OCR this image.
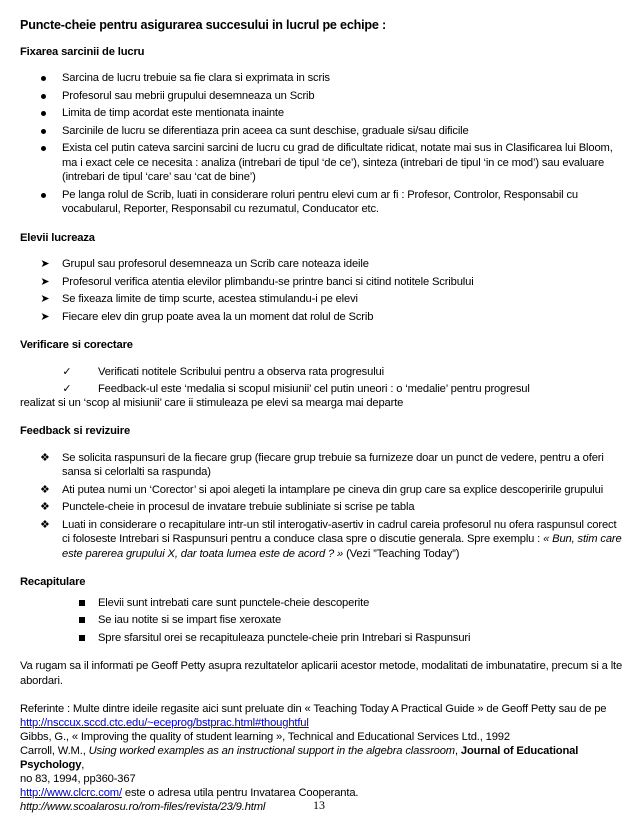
Puncte-cheie pentru asigurarea succesului in lucrul pe echipe :
Fixarea sarcinii de lucru
Sarcina de lucru trebuie sa fie clara si exprimata in scris
Profesorul sau mebrii grupului desemneaza un Scrib
Limita de timp acordat este mentionata inainte
Sarcinile de lucru se diferentiaza prin aceea ca sunt deschise, graduale si/sau dificile
Exista cel putin cateva sarcini sarcini de lucru cu grad de dificultate ridicat, notate mai sus in Clasificarea lui Bloom, ma i exact cele ce necesita : analiza (intrebari de tipul ‘de ce’), sinteza (intrebari de tipul ‘in ce mod’) sau evaluare (intrebari de tipul ‘care’ sau ‘cat de bine’)
Pe langa rolul de Scrib, luati in considerare roluri pentru elevi cum ar fi : Profesor, Controlor, Responsabil cu vocabularul, Reporter, Responsabil cu rezumatul, Conducator etc.
Elevii lucreaza
➤ Grupul sau profesorul desemneaza un Scrib care noteaza ideile
➤ Profesorul verifica atentia elevilor plimbandu-se printre banci si citind notitele Scribului
➤ Se fixeaza limite de timp scurte, acestea stimulandu-i pe elevi
➤ Fiecare elev din grup poate avea la un moment dat rolul de Scrib
Verificare si corectare
✓ Verificati notitele Scribului pentru a observa rata progresului
✓ Feedback-ul este ‘medalia si scopul misiunii’ cel putin uneori : o ‘medalie’ pentru progresul
realizat si un ‘scop al misiunii’ care ii stimuleaza pe elevi sa mearga mai departe
Feedback si revizuire
❖ Se solicita raspunsuri de la fiecare grup (fiecare grup trebuie sa furnizeze doar un punct de vedere, pentru a oferi sansa si celorlalti sa raspunda)
❖ Ati putea numi un ‘Corector’ si apoi alegeti la intamplare pe cineva din grup care sa explice descoperirile grupului
❖ Punctele-cheie in procesul de invatare trebuie subliniate si scrise pe tabla
❖ Luati in considerare o recapitulare intr-un stil interogativ-asertiv in cadrul careia profesorul nu ofera raspunsul corect ci foloseste Intrebari si Raspunsuri pentru a conduce clasa spre o discutie generala. Spre exemplu : « Bun, stim care este parerea grupului X, dar toata lumea este de acord ? » (Vezi ”Teaching Today”)
Recapitulare
Elevii sunt intrebati care sunt punctele-cheie descoperite
Se iau notite si se impart fise xeroxate
Spre sfarsitul orei se recapituleaza punctele-cheie prin Intrebari si Raspunsuri

Va rugam sa il informati pe Geoff Petty asupra rezultatelor aplicarii acestor metode, modalitati de imbunatatire, precum si a lte abordari.

Referinte : Multe dintre ideile regasite aici sunt preluate din « Teaching Today A Practical Guide » de Geoff Petty sau de pe
http://nsccux.sccd.ctc.edu/~eceprog/bstprac.html#thoughtful
Gibbs, G., « Improving the quality of student learning », Technical and Educational Services Ltd., 1992
Carroll, W.M., Using worked examples as an instructional support in the algebra classroom, Journal of Educational Psychology,
no 83, 1994, pp360-367
http://www.clcrc.com/ este o adresa utila pentru Invatarea Cooperanta.
http://www.scoalarosu.ro/rom-files/revista/23/9.html	13
